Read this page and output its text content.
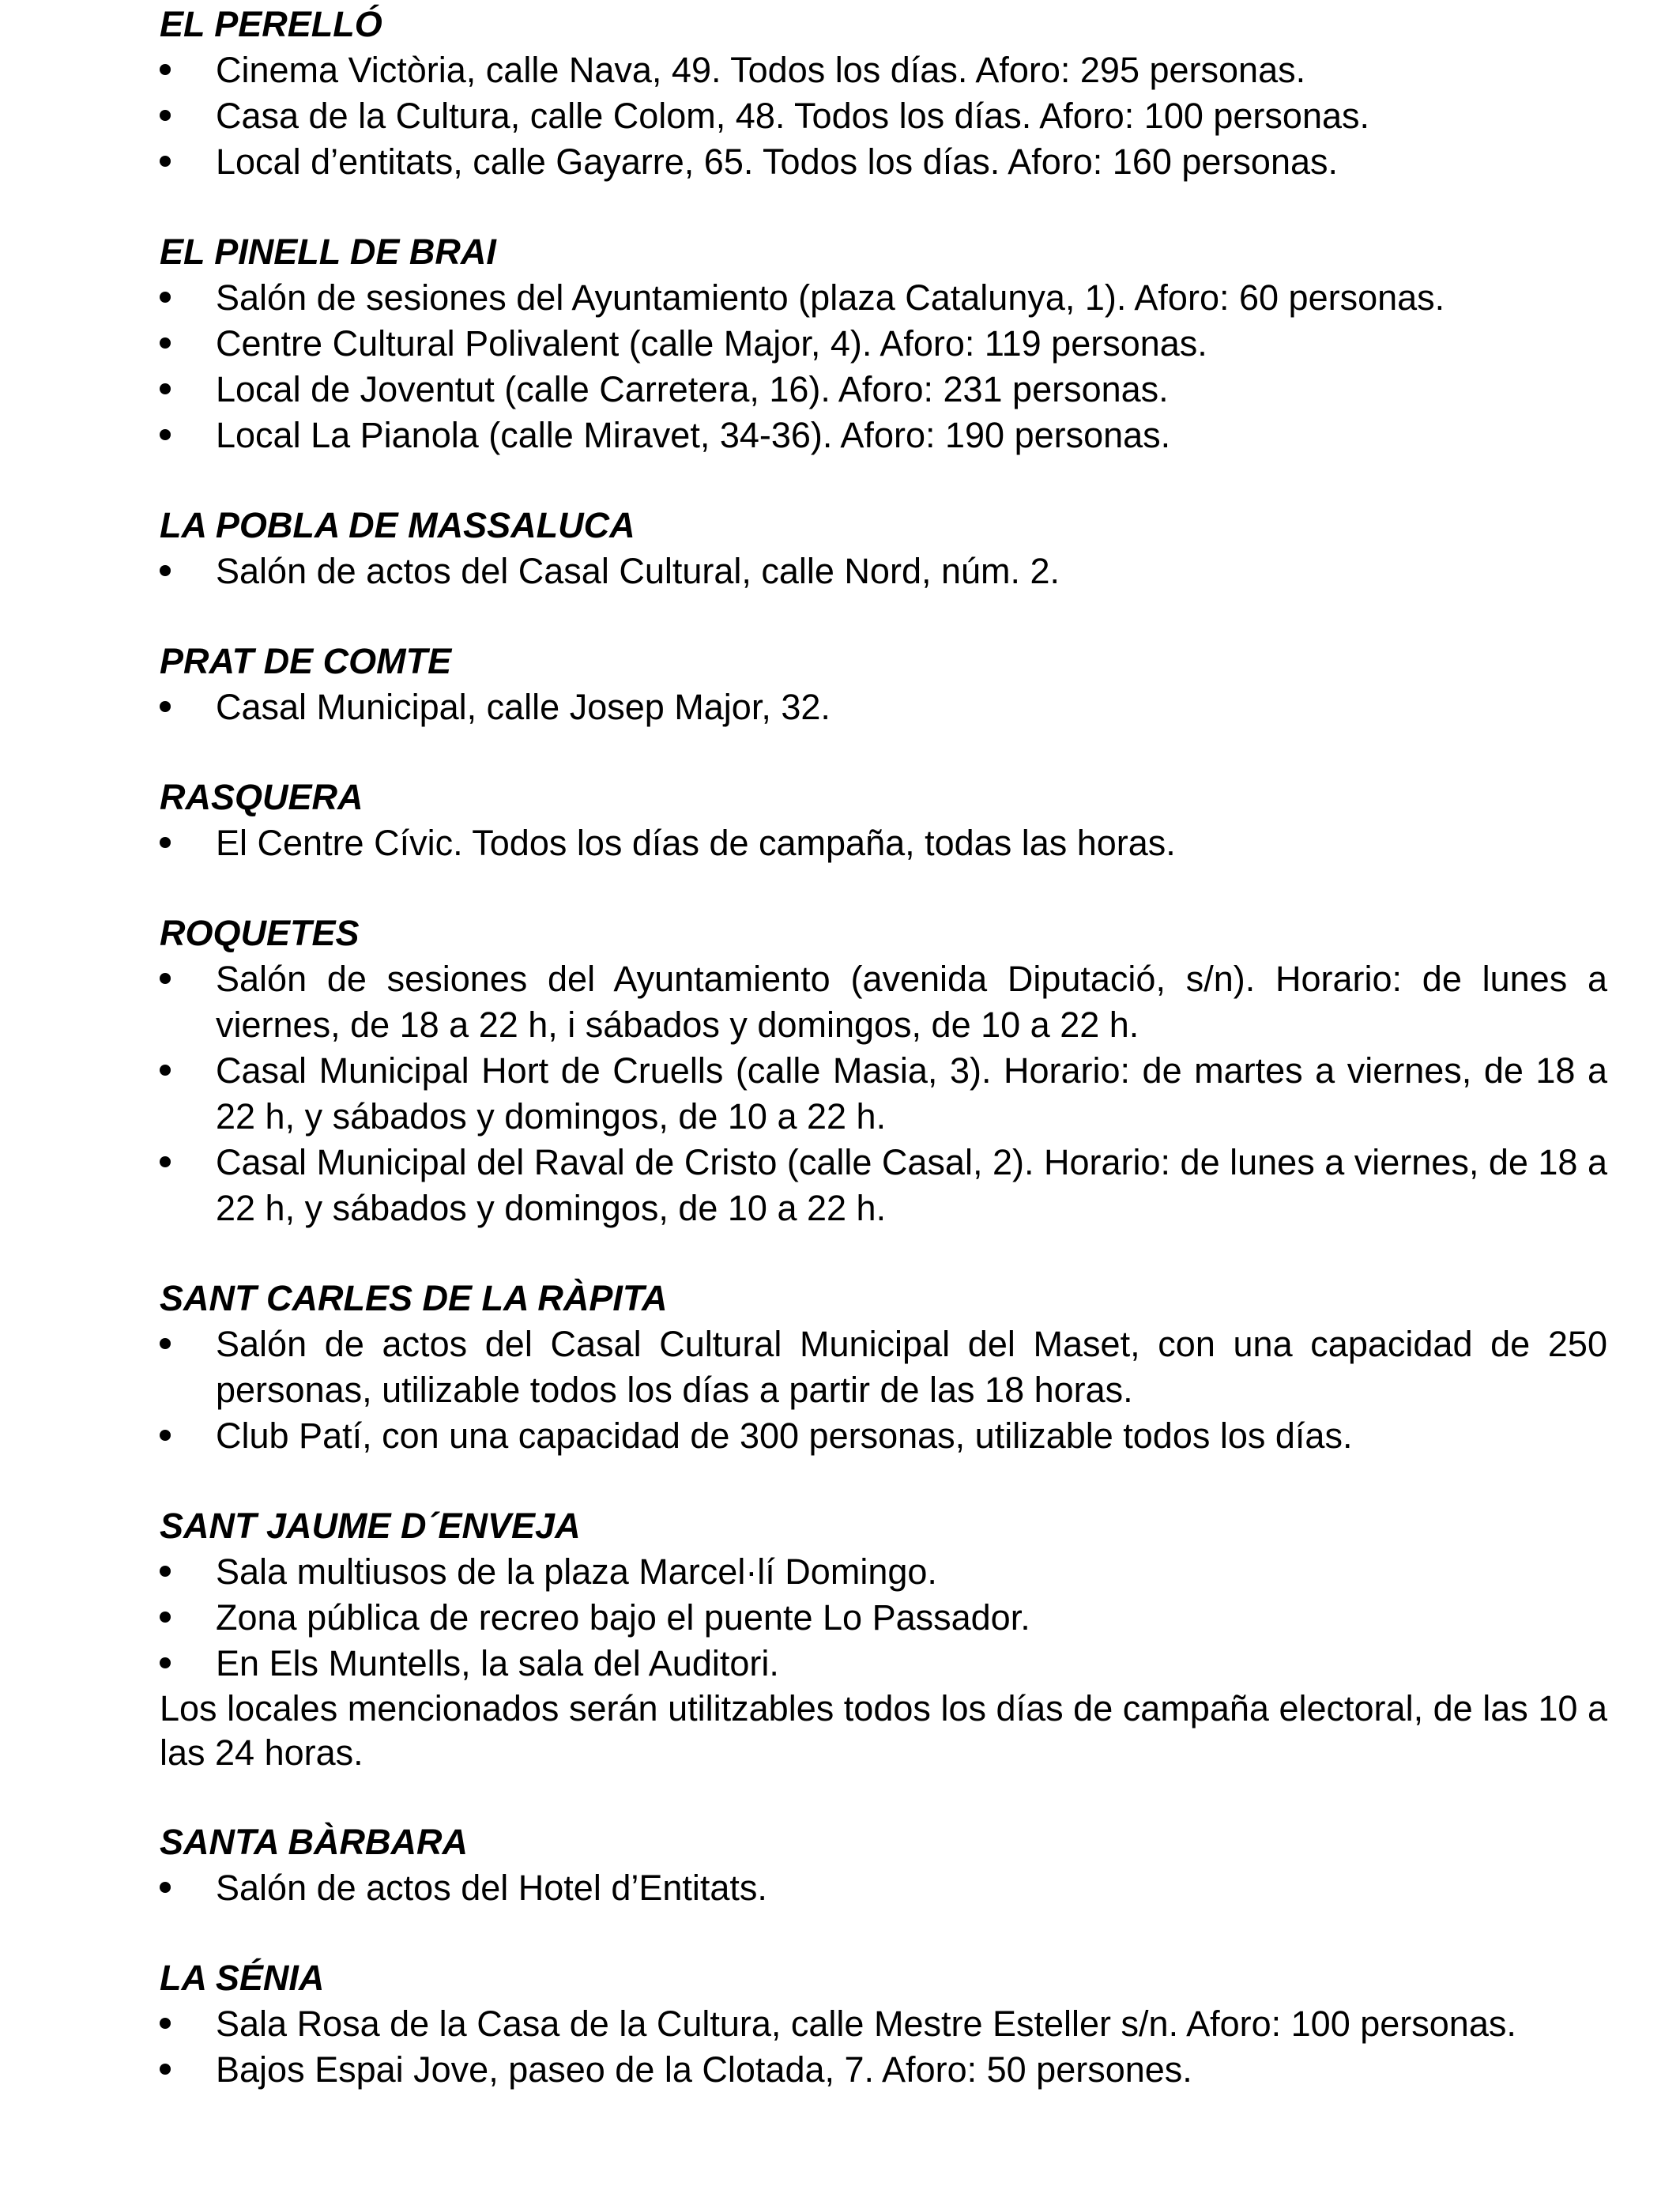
EL PERELLÓ
Cinema Victòria, calle Nava, 49. Todos los días. Aforo: 295 personas.
Casa de la Cultura, calle Colom, 48. Todos los días. Aforo: 100 personas.
Local d’entitats, calle Gayarre, 65. Todos los días. Aforo: 160 personas.
EL PINELL DE BRAI
Salón de sesiones del Ayuntamiento (plaza Catalunya, 1). Aforo: 60 personas.
Centre Cultural Polivalent (calle Major, 4). Aforo: 119 personas.
Local de Joventut (calle Carretera, 16). Aforo: 231 personas.
Local La Pianola (calle Miravet, 34-36). Aforo: 190 personas.
LA POBLA DE MASSALUCA
Salón de actos del Casal Cultural, calle Nord, núm. 2.
PRAT DE COMTE
Casal Municipal, calle Josep Major, 32.
RASQUERA
El Centre Cívic. Todos los días de campaña, todas las horas.
ROQUETES
Salón de sesiones del Ayuntamiento (avenida Diputació, s/n). Horario: de lunes a viernes, de 18 a 22 h, i sábados y domingos, de 10 a 22 h.
Casal Municipal Hort de Cruells (calle Masia, 3). Horario: de martes a viernes, de 18 a 22 h, y sábados y domingos, de 10 a 22 h.
Casal Municipal del Raval de Cristo (calle Casal, 2). Horario: de lunes a viernes, de 18 a 22 h, y sábados y domingos, de 10 a 22 h.
SANT CARLES DE LA RÀPITA
Salón de actos del Casal Cultural Municipal del Maset, con una capacidad de 250 personas, utilizable todos los días a partir de las 18 horas.
Club Patí, con una capacidad de 300 personas, utilizable todos los días.
SANT JAUME D´ENVEJA
Sala multiusos de la plaza Marcel·lí Domingo.
Zona pública de recreo bajo el puente Lo Passador.
En Els Muntells, la sala del Auditori.

Los locales mencionados serán utilitzables todos los días de campaña electoral, de las 10 a las 24 horas.

SANTA BÀRBARA
Salón de actos del Hotel d’Entitats.
LA SÉNIA
Sala Rosa de la Casa de la Cultura, calle Mestre Esteller s/n. Aforo: 100 personas.
Bajos Espai Jove, paseo de la Clotada, 7. Aforo: 50 persones.
